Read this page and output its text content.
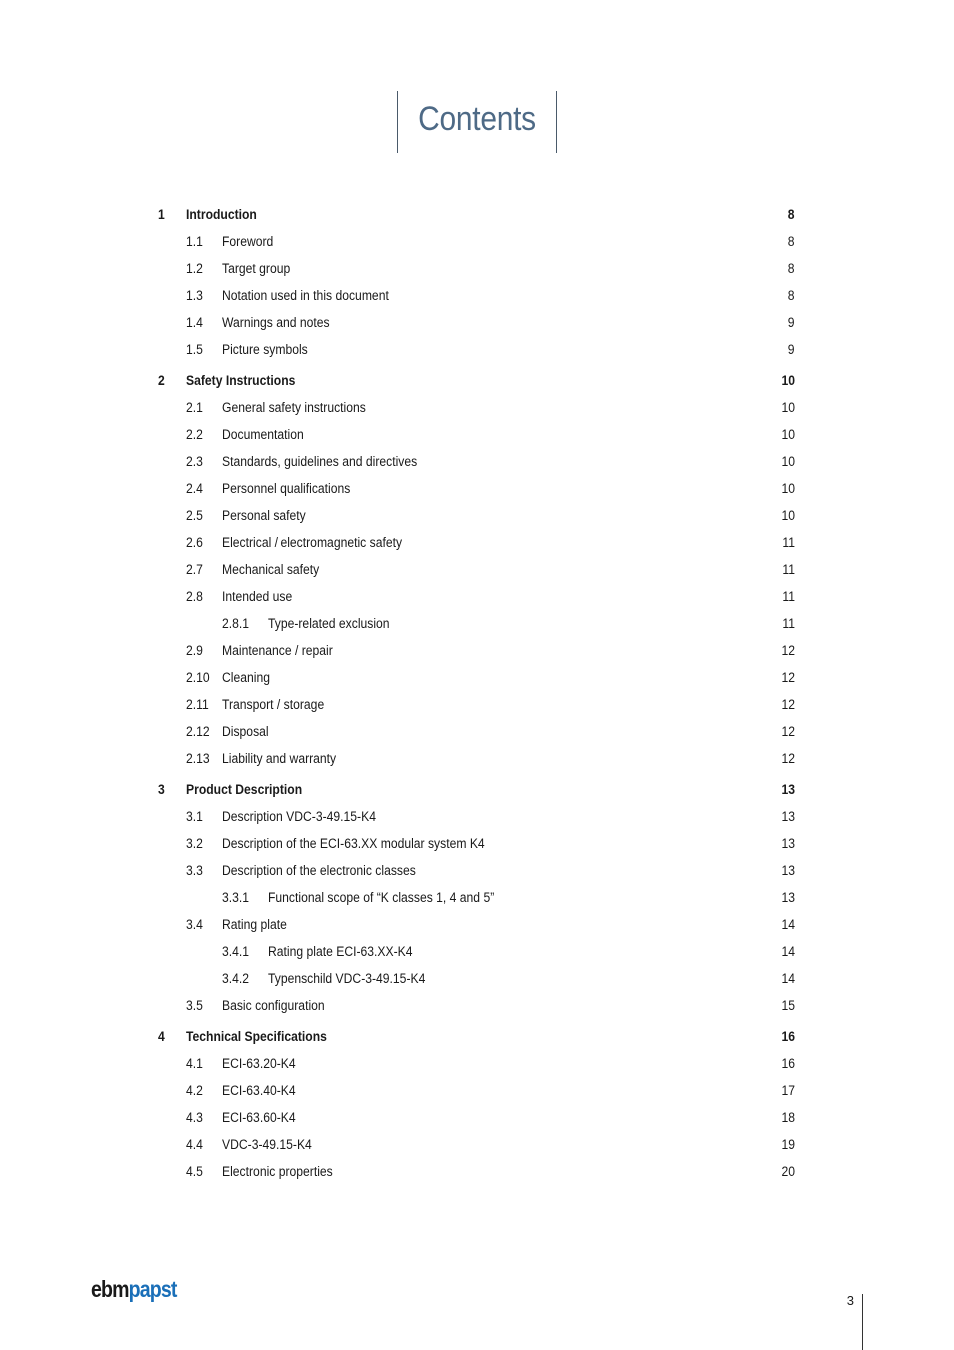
Contents
1 Introduction	8
1.1 Foreword	8
1.2 Target group	8
1.3 Notation used in this document	8
1.4 Warnings and notes	9
1.5 Picture symbols	9
2 Safety Instructions	10
2.1 General safety instructions	10
2.2 Documentation	10
2.3 Standards, guidelines and directives	10
2.4 Personnel qualifications	10
2.5 Personal safety	10
2.6 Electrical / electromagnetic safety	11
2.7 Mechanical safety	11
2.8 Intended use	11
2.8.1 Type-related exclusion	11
2.9 Maintenance / repair	12
2.10 Cleaning	12
2.11 Transport / storage	12
2.12 Disposal	12
2.13 Liability and warranty	12
3 Product Description	13
3.1 Description VDC-3-49.15-K4	13
3.2 Description of the ECI-63.XX modular system K4	13
3.3 Description of the electronic classes	13
3.3.1 Functional scope of “K classes 1, 4 and 5”	13
3.4 Rating plate	14
3.4.1 Rating plate ECI-63.XX-K4	14
3.4.2 Typenschild VDC-3-49.15-K4	14
3.5 Basic configuration	15
4 Technical Specifications	16
4.1 ECI-63.20-K4	16
4.2 ECI-63.40-K4	17
4.3 ECI-63.60-K4	18
4.4 VDC-3-49.15-K4	19
4.5 Electronic properties	20
ebmpapst	3
